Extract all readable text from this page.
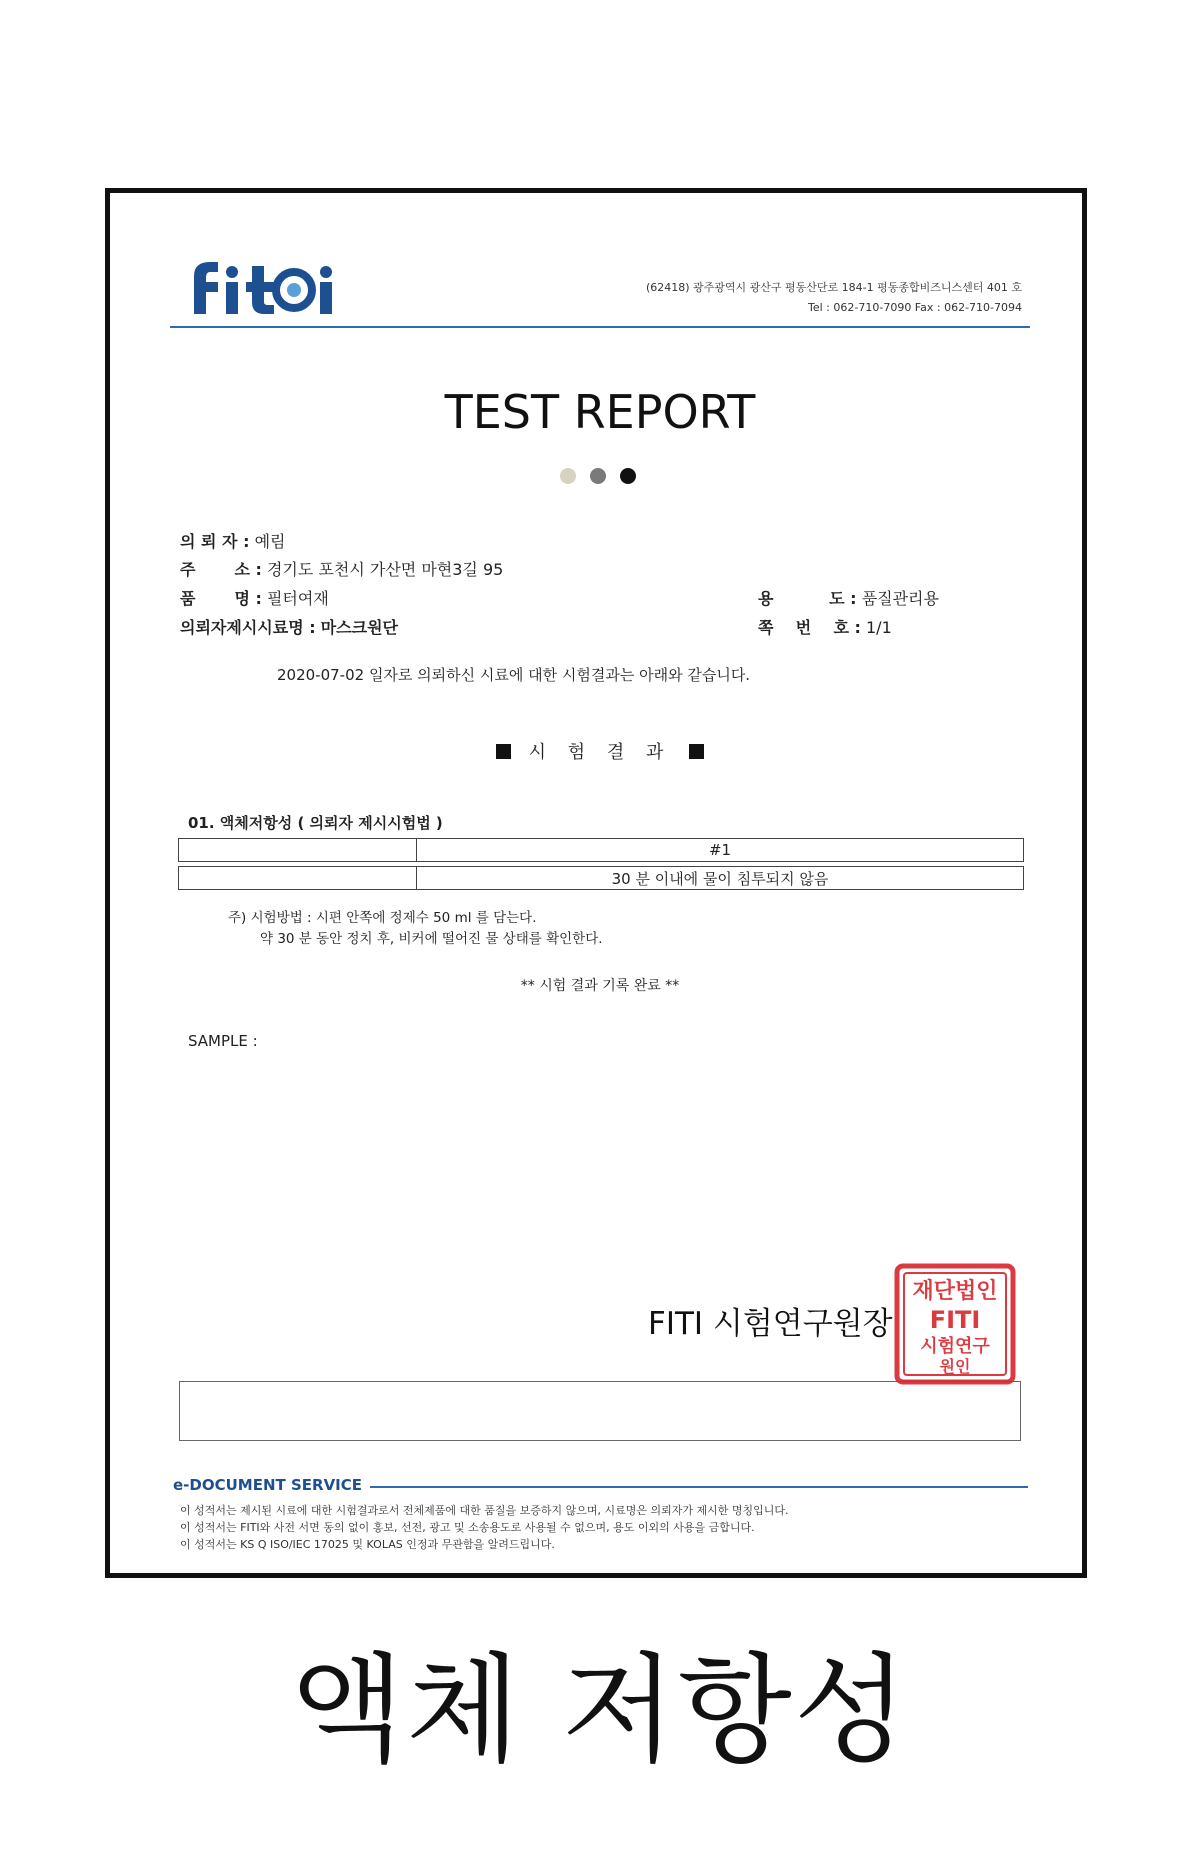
fiti
(62418) 광주광역시 광산구 평동산단로 184-1 평동종합비즈니스센터 401 호
Tel : 062-710-7090 Fax : 062-710-7094
TEST REPORT
의 뢰 자 : 예림
주       소 : 경기도 포천시 가산면 마현3길 95
품       명 : 필터여재
의뢰자제시시료명 : 마스크원단
용          도 : 품질관리용
쪽    번    호 : 1/1
2020-07-02 일자로 의뢰하신 시료에 대한 시험결과는 아래와 같습니다.
시 험 결 과
01. 액체저항성 ( 의뢰자 제시시험법 )
	#1

	30 분 이내에 물이 침투되지 않음
주) 시험방법 : 시편 안쪽에 정제수 50 ml 를 담는다.
약 30 분 동안 정치 후, 비커에 떨어진 물 상태를 확인한다.
** 시험 결과 기록 완료 **
SAMPLE :
FITI 시험연구원장
재단법인
FITI
시험연구
원인
e-DOCUMENT SERVICE
이 성적서는 제시된 시료에 대한 시험결과로서 전체제품에 대한 품질을 보증하지 않으며, 시료명은 의뢰자가 제시한 명칭입니다.
이 성적서는 FITI와 사전 서면 동의 없이 홍보, 선전, 광고 및 소송용도로 사용될 수 없으며, 용도 이외의 사용을 금합니다.
이 성적서는 KS Q ISO/IEC 17025 및 KOLAS 인정과 무관함을 알려드립니다.
액체 저항성
